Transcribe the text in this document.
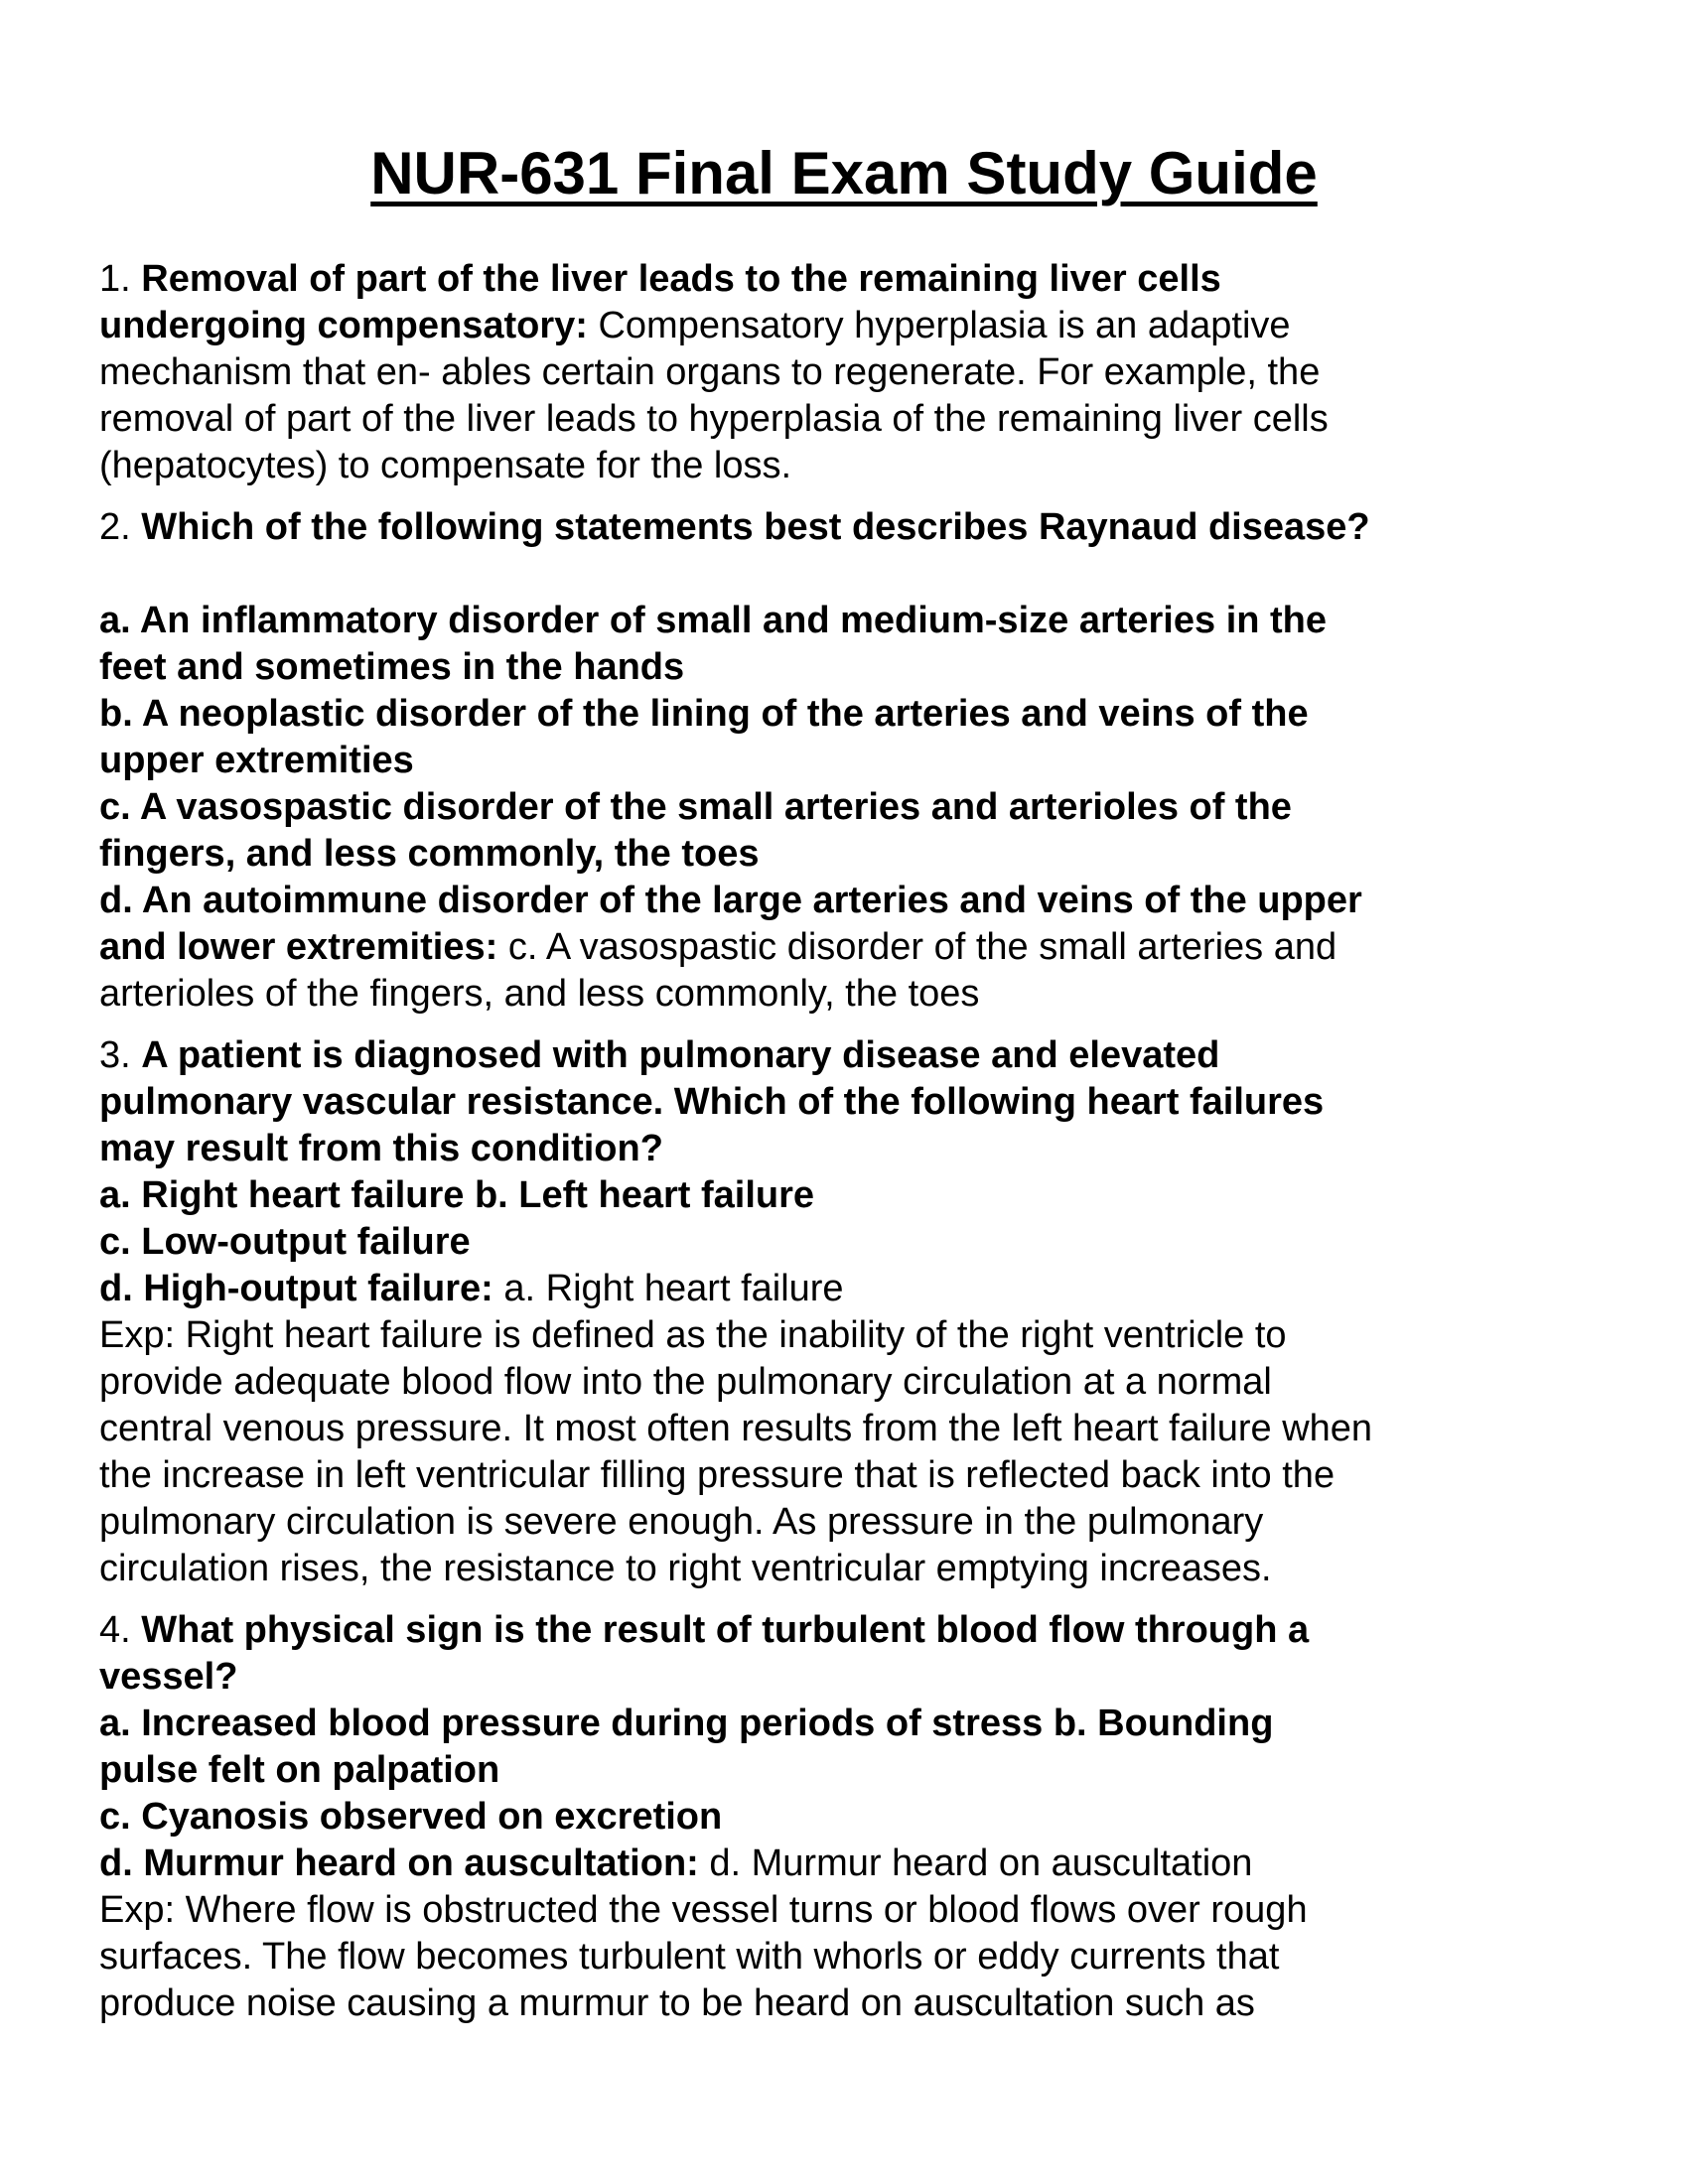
NUR-631 Final Exam Study Guide
1. Removal of part of the liver leads to the remaining liver cells
undergoing compensatory: Compensatory hyperplasia is an adaptive
mechanism that en- ables certain organs to regenerate. For example, the
removal of part of the liver leads to hyperplasia of the remaining liver cells
(hepatocytes) to compensate for the loss.
2. Which of the following statements best describes Raynaud disease?
a. An inflammatory disorder of small and medium-size arteries in the
feet and sometimes in the hands
b. A neoplastic disorder of the lining of the arteries and veins of the
upper extremities
c. A vasospastic disorder of the small arteries and arterioles of the
fingers, and less commonly, the toes
d. An autoimmune disorder of the large arteries and veins of the upper
and lower extremities: c. A vasospastic disorder of the small arteries and
arterioles of the fingers, and less commonly, the toes
3. A patient is diagnosed with pulmonary disease and elevated
pulmonary vascular resistance. Which of the following heart failures
may result from this condition?
a. Right heart failure b. Left heart failure
c. Low-output failure
d. High-output failure: a. Right heart failure
Exp: Right heart failure is defined as the inability of the right ventricle to
provide adequate blood flow into the pulmonary circulation at a normal
central venous pressure. It most often results from the left heart failure when
the increase in left ventricular filling pressure that is reflected back into the
pulmonary circulation is severe enough. As pressure in the pulmonary
circulation rises, the resistance to right ventricular emptying increases.
4. What physical sign is the result of turbulent blood flow through a
vessel?
a. Increased blood pressure during periods of stress b. Bounding
pulse felt on palpation
c. Cyanosis observed on excretion
d. Murmur heard on auscultation: d. Murmur heard on auscultation
Exp: Where flow is obstructed the vessel turns or blood flows over rough
surfaces. The flow becomes turbulent with whorls or eddy currents that
produce noise causing a murmur to be heard on auscultation such as
